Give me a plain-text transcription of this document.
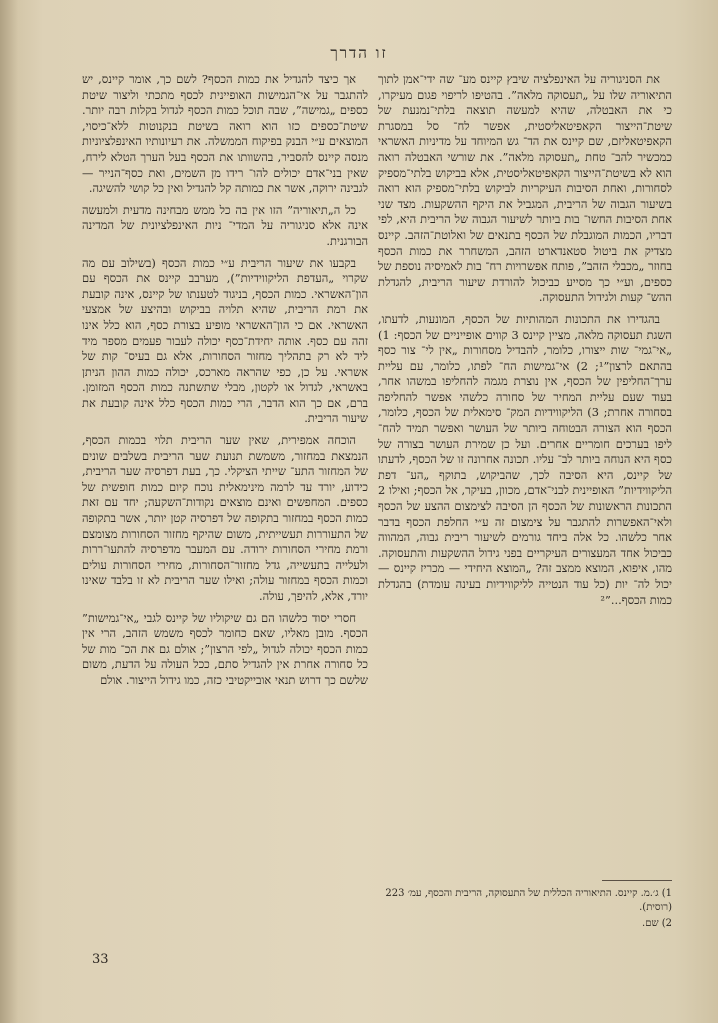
זו הדרך

את הסניגוריה על האינפלציה שיבץ קיינס מע־ שה ידי־אמן לתוך התיאוריה שלו על „תעסוקה מלאה”. בהטיפו לריפוי פגום מעיקרו, כי את האבטלה, שהיא למעשה תוצאה בלתי־נמנעת של שיטת־הייצור הקאפיטאליסטית, אפשר לח־ סל במסגרת הקאפיטאליזם, שם קיינס את הד־ גש המיוחד על מדיניות האשראי כמכשיר להב־ טחת „תעסוקה מלאה”. את שורשי האבטלה רואה הוא לא בשיטת־הייצור הקאפיטאליסטית, אלא בביקוש בלתי־מספיק לסחורות, ואחת הסיבות העיקריות לביקוש בלתי־מספיק הוא רואה בשיעור הגבוה של הריבית, המגביל את היקף ההשקעות. מצד שני אחת הסיבות החשו־ בות ביותר לשיעור הגבוה של הריבית היא, לפי דבריו, הכמות המוגבלת של הכסף בתנאים של ואלוטת־הזהב. קיינס מצדיק את ביטול סטאנדארט הזהב, המשחרר את כמות הכסף בחוזר „מכבלי הזהב”, פותח אפשרויות רח־ בות לאמיסיה נוספת של כספים, וע״י כך מסייע כביכול להורדת שיעור הריבית, להגדלת ההש־ קעות ולגידול התעסוקה.

בהגדירו את התכונות המהותיות של הכסף, המונעות, לדעתו, השגת תעסוקה מלאה, מציין קיינס 3 קווים אופייניים של הכסף: 1) „אי־גמי־ שות ייצורו, כלומר, להבדיל מסחורות „אין לי־ צור כסף בהתאם לרצון”¹; 2) אי־גמישות הח־ לפתו, כלומר, עם עליית ערך־החליפין של הכסף, אין נוצרת מגמה להחליפו במשהו אחר, בעוד שעם עליית המחיר של סחורה כלשהי אפשר להחליפה בסחורה אחרת; 3) הליקווידיות המק־ סימאלית של הכסף, כלומר, הכסף הוא הצורה הבטוחה ביותר של העושר ואפשר תמיד להח־ ליפו בערכים חומריים אחרים. ועל כן שמירת העושר בצורה של כסף היא הנוחה ביותר לב־ עליו. תכונה אחרונה זו של הכסף, לדעתו של קיינס, היא הסיבה לכך, שהביקוש, בתוקף „הע־ דפת הליקווידיות” האופיינית לבני־אדם, מכוון, בעיקר, אל הכסף; ואילו 2 התכונות הראשונות של הכסף הן הסיבה לצימצום ההצע של הכסף ולאי־האפשרות להתגבר על צימצום זה ע״י החלפת הכסף בדבר אחר כלשהו. כל אלה ביחד גורמים לשיעור ריבית גבוה, המהווה כביכול אחד המעצורים העיקריים בפני גידול ההשקעות והתעסוקה. מהו, איפוא, המוצא ממצב זה? „המוצא היחידי — מכריז קיינס — יכול לה־ יות (כל עוד הנטייה לליקווידיות בעינה עומדת) בהגדלת כמות הכסף...”²

אך כיצד להגדיל את כמות הכסף? לשם כך, אומר קיינס, יש להתגבר על אי־הגמישות האופיינית לכסף מתכתי וליצור שיטת כספים „גמישה”, שבה תוכל כמות הכסף לגדול בקלות רבה יותר. שיטת־כספים כזו הוא רואה בשיטת בנקנוטות ללא־כיסוי, המוצאים ע״י הבנק בפיקוח הממשלה. את רעיונותיו האינפלציוניות מנסה קיינס להסביר, בהשוותו את הכסף בעל הערך הטלא לירח, שאין בני־אדם יכולים להו־ רידו מן השמים, ואת כסף־הנייר — לגבינה ירוקה, אשר את כמותה קל להגדיל ואין כל קושי להשיגה.

כל ה„תיאוריה” הזו אין בה כל ממש מבחינה מדעית ולמעשה אינה אלא סניגוריה על המדי־ ניות האינפלציונית של המדינה הבורגנית.

בקבעו את שיעור הריבית ע״י כמות הכסף (בשילוב עם מה שקרוי „העדפת הליקווידיות”), מערבב קיינס את הכסף עם הון־האשראי. כמות הכסף, בניגוד לטענתו של קיינס, אינה קובעת את רמת הריבית, שהיא תלויה בביקוש ובהיצע של אמצעי האשראי. אם כי הון־האשראי מופיע בצורת כסף, הוא כלל אינו זהה עם כסף. אותה יחידת־כסף יכולה לעבור פעמים מספר מיד ליד לא רק בתהליך מחזור הסחורות, אלא גם בעיס־ קות של אשראי. על כן, כפי שהראה מארכס, יכולה כמות ההון הניתן באשראי, לגדול או לקטון, מבלי שתשתנה כמות הכסף המזומן. ברם, אם כך הוא הדבר, הרי כמות הכסף כלל אינה קובעת את שיעור הריבית.

הוכחה אמפירית, שאין שער הריבית תלוי בכמות הכסף, הנמצאת במחזור, משמשת תנועת שער הריבית בשלבים שונים של המחזור התע־ שייתי הציקלי. כך, בעת דפרסיה שער הריבית, כידוע, יורד עד לרמה מינימאלית נוכח קיום כמות חופשית של כספים. המחפשים ואינם מוצאים נקודות־השקעה; יחד עם זאת כמות הכסף במחזור בתקופה של דפרסיה קטן יותר, אשר בתקופה של התעוררות תעשייתית, משום שהיקף מחזור הסחורות מצומצם ורמת מחירי הסחורות ירודה. עם המעבר מדפרסיה להתעו־ררות ולעלייה בתעשייה, גדל מחזור־הסחורות, מחירי הסחורות עולים וכמות הכסף במחזור עולה; ואילו שער הריבית לא זו בלבד שאינו יורד, אלא, להיפך, עולה.

חסרי יסוד כלשהו הם גם שיקוליו של קיינס לגבי „אי־גמישות” הכסף. מובן מאליו, שאם כחומר לכסף משמש הזהב, הרי אין כמות הכסף יכולה לגדול „לפי הרצון”; אולם גם את הכ־ מות של כל סחורה אחרת אין להגדיל סתם, ככל העולה על הדעת, משום שלשם כך דרוש תנאי אובייקטיבי כזה, כמו גידול הייצור. אולם

1) ג׳.מ. קיינס. התיאוריה הכללית של התעסוקה, הריבית והכסף, עמ׳ 223 (רוסית).
2) שם.
33
